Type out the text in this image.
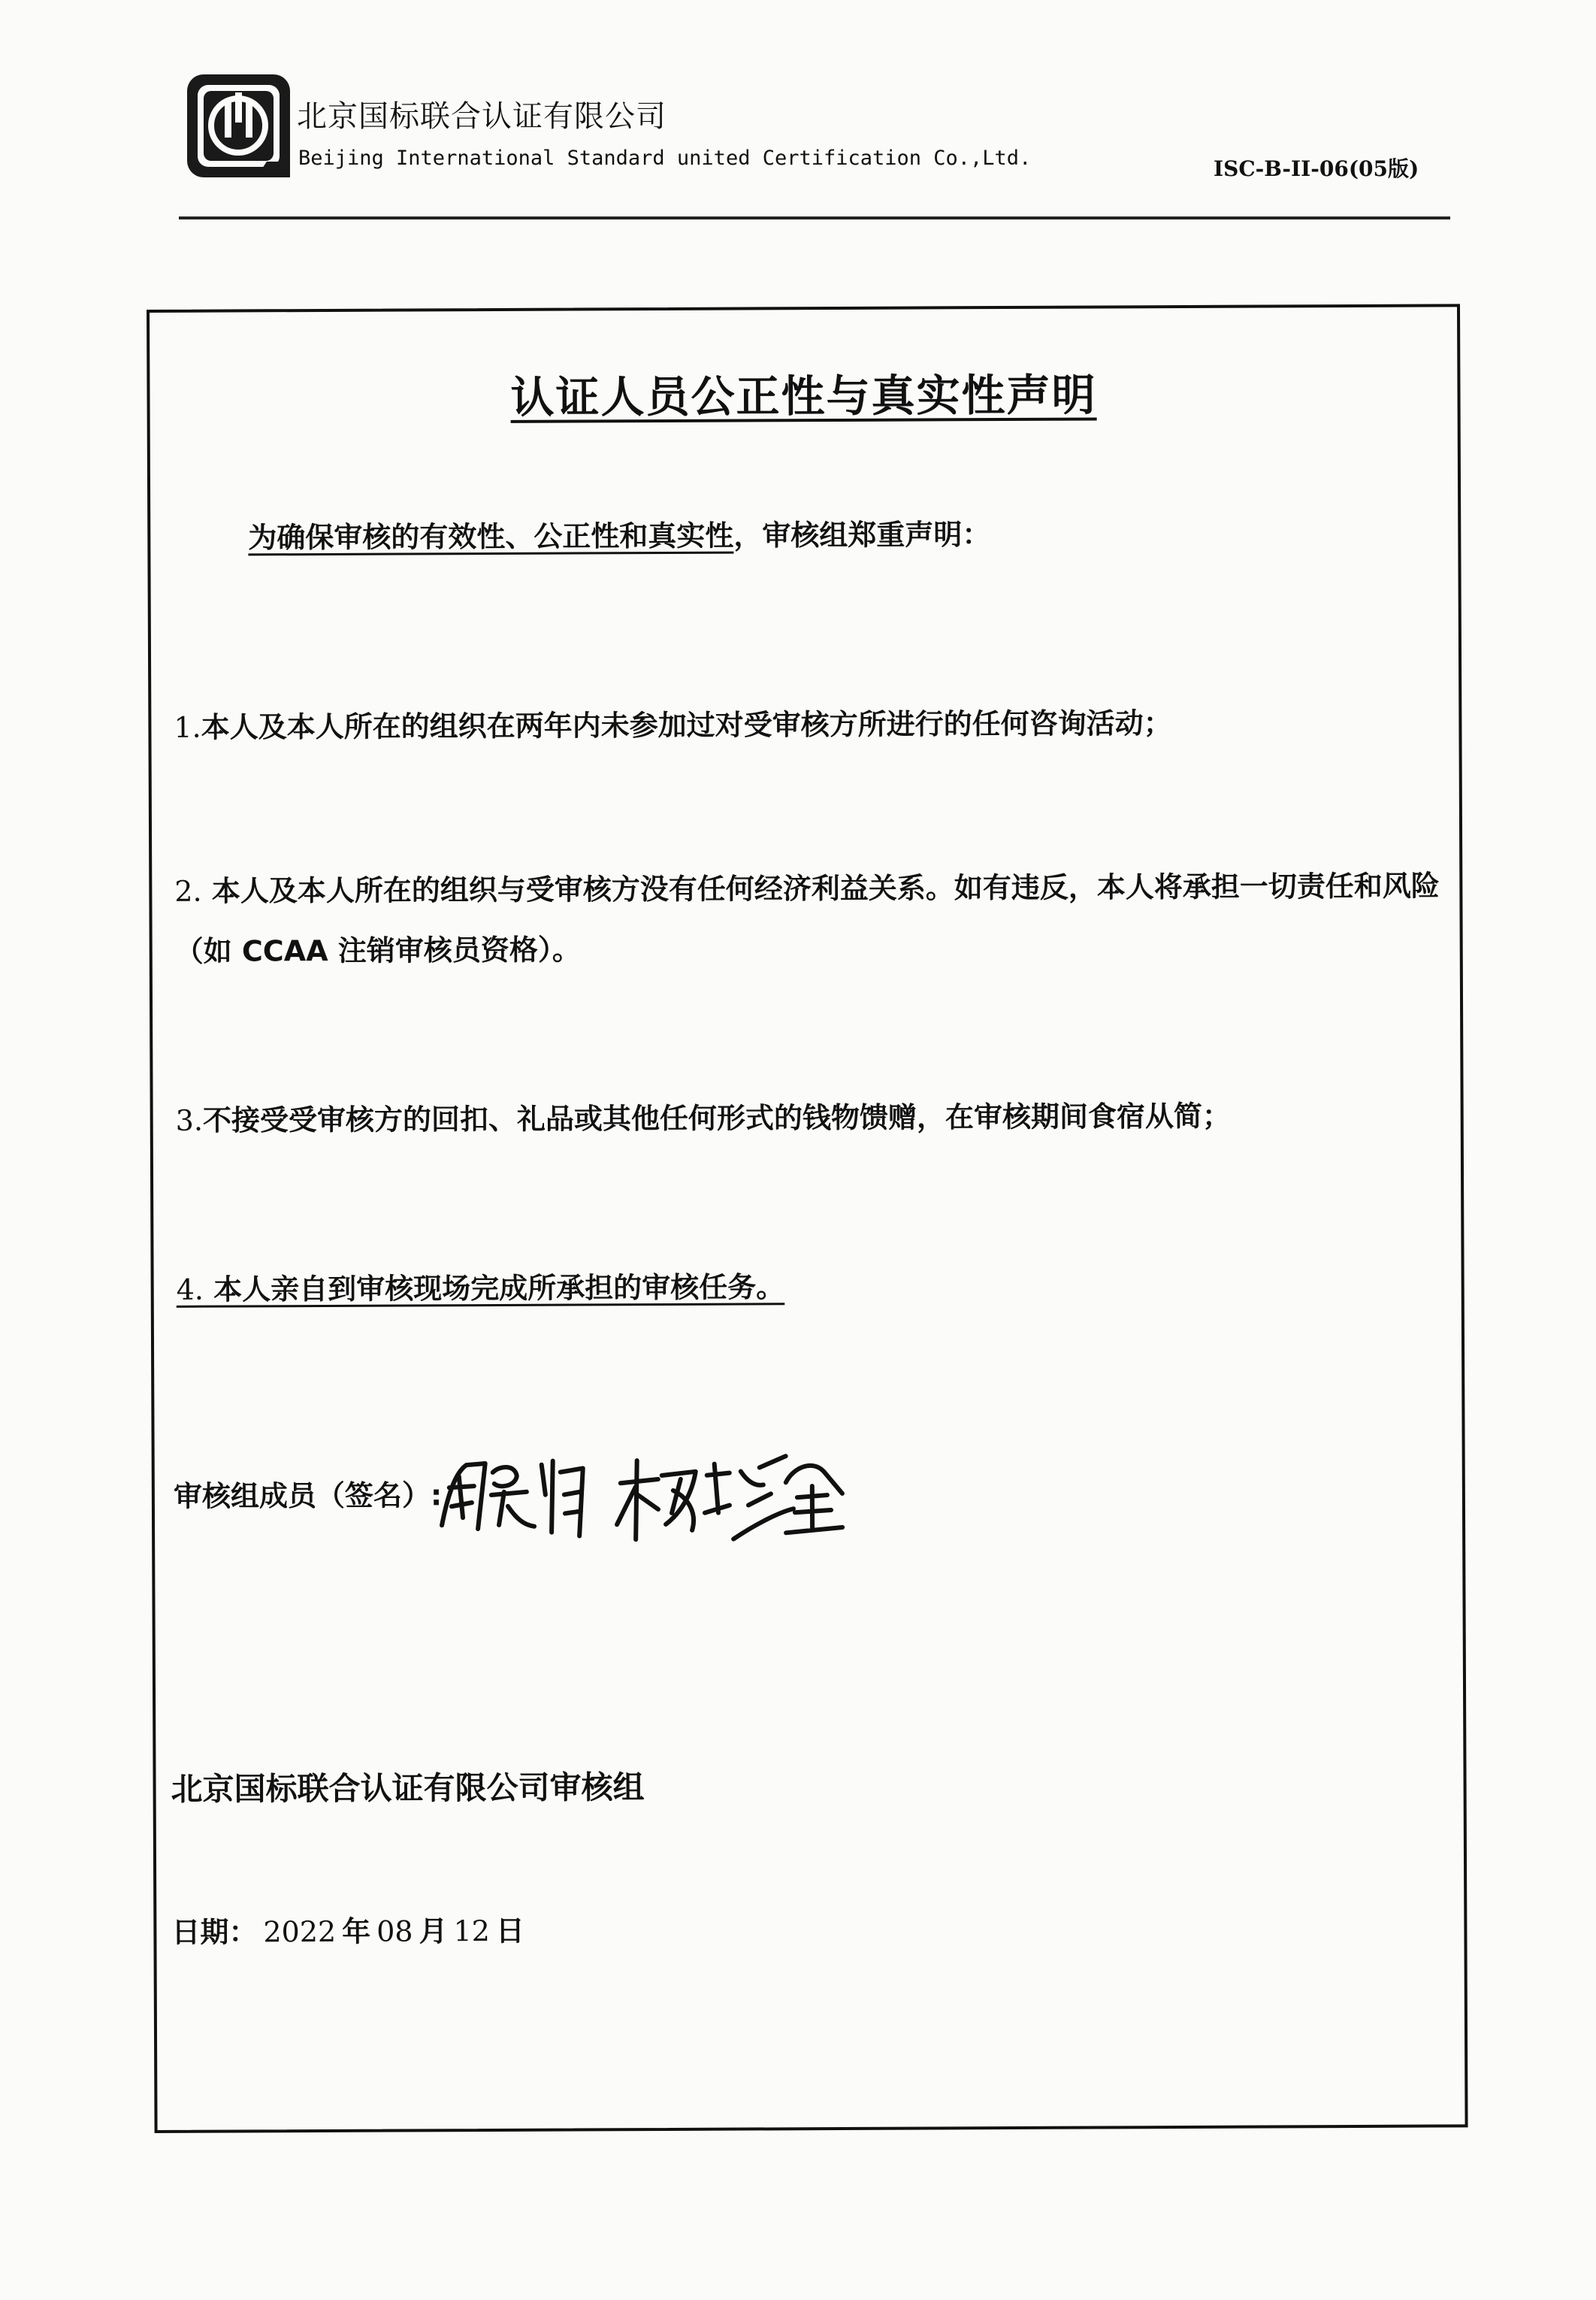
北京国标联合认证有限公司
Beijing International Standard united Certification Co.,Ltd.	ISC-B-II-06(05版)
认证人员公正性与真实性声明
为确保审核的有效性、公正性和真实性，审核组郑重声明：
1.本人及本人所在的组织在两年内未参加过对受审核方所进行的任何咨询活动；
2. 本人及本人所在的组织与受审核方没有任何经济利益关系。如有违反，本人将承担一切责任和风险（如 CCAA 注销审核员资格）。
3.不接受受审核方的回扣、礼品或其他任何形式的钱物馈赠，在审核期间食宿从简；
4. 本人亲自到审核现场完成所承担的审核任务。
审核组成员（签名）:
北京国标联合认证有限公司审核组
日期： 2022 年 08 月 12 日
